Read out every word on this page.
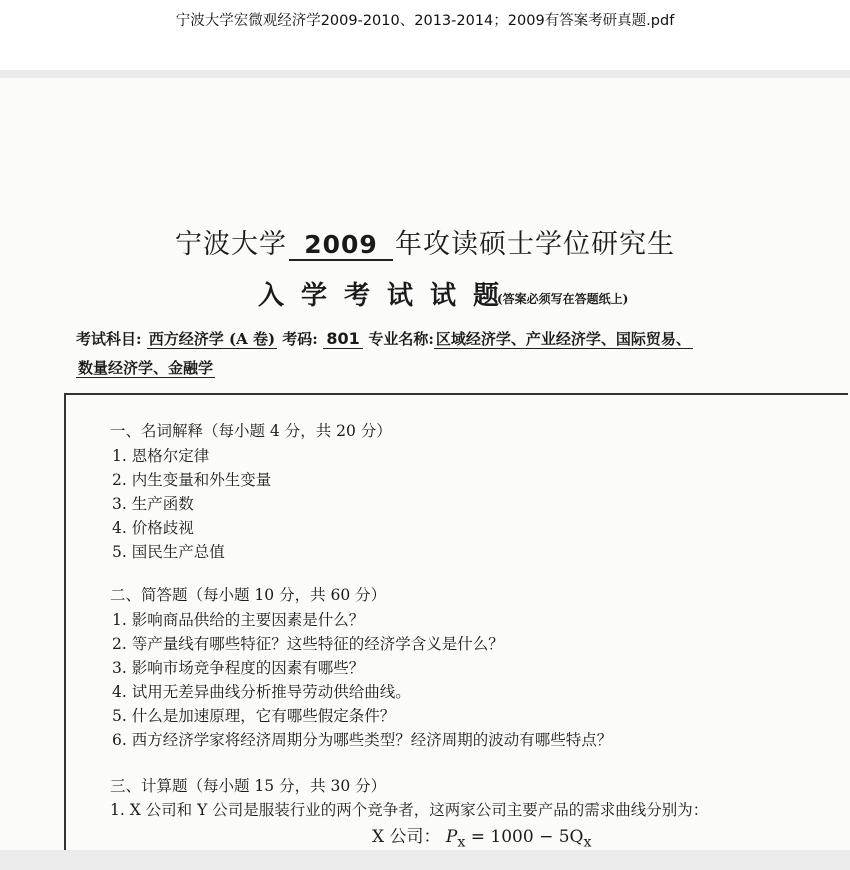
宁波大学宏微观经济学2009-2010、2013-2014；2009有答案考研真题.pdf
宁波大学 2009 年攻读硕士学位研究生
入学考试试题
(答案必须写在答题纸上)
考试科目: 西方经济学 (A 卷) 考码: 801 专业名称: 区域经济学、产业经济学、国际贸易、
数量经济学、金融学
一、名词解释（每小题 4 分，共 20 分）
1. 恩格尔定律
2. 内生变量和外生变量
3. 生产函数
4. 价格歧视
5. 国民生产总值
二、简答题（每小题 10 分，共 60 分）
1. 影响商品供给的主要因素是什么？
2. 等产量线有哪些特征？这些特征的经济学含义是什么？
3. 影响市场竞争程度的因素有哪些？
4. 试用无差异曲线分析推导劳动供给曲线。
5. 什么是加速原理，它有哪些假定条件？
6. 西方经济学家将经济周期分为哪些类型？经济周期的波动有哪些特点？
三、计算题（每小题 15 分，共 30 分）
1. X 公司和 Y 公司是服装行业的两个竞争者，这两家公司主要产品的需求曲线分别为：
X 公司： $P_x = 1000 - 5Q_x$
